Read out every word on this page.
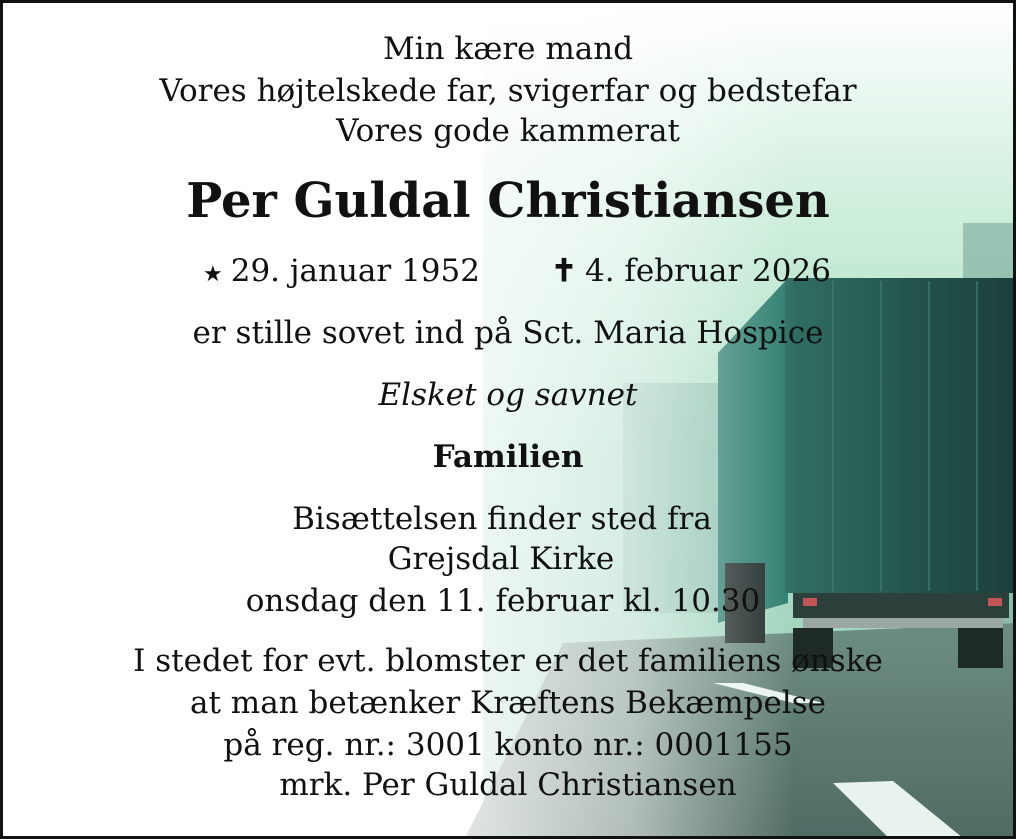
Min kære mand
Vores højtelskede far, svigerfar og bedstefar
Vores gode kammerat
Per Guldal Christiansen
★ 29. januar 1952 ✝ 4. februar 2026
er stille sovet ind på Sct. Maria Hospice
Elsket og savnet
Familien
Bisættelsen finder sted fra
Grejsdal Kirke
onsdag den 11. februar kl. 10.30
I stedet for evt. blomster er det familiens ønske
at man betænker Kræftens Bekæmpelse
på reg. nr.: 3001 konto nr.: 0001155
mrk. Per Guldal Christiansen
